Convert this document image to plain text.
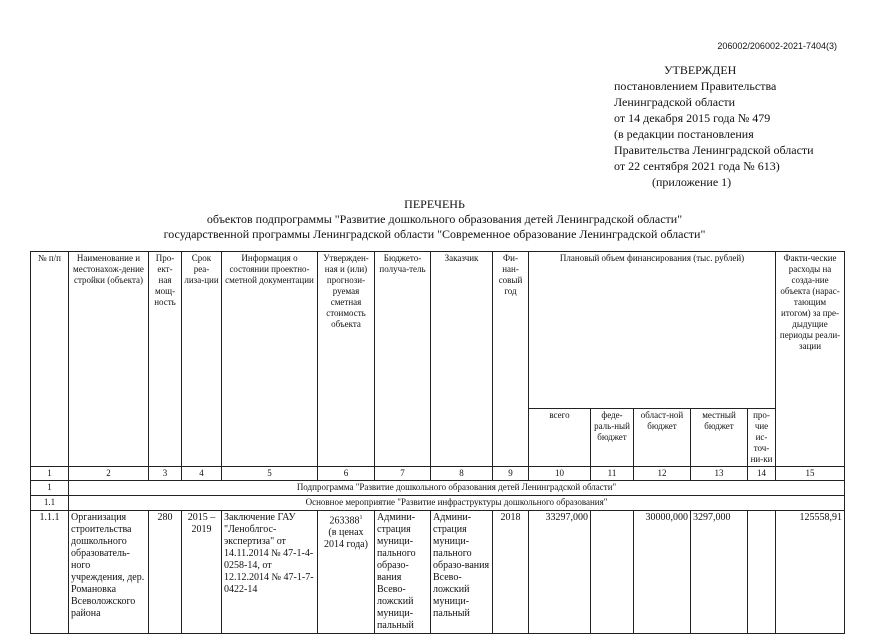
206002/206002-2021-7404(3)
УТВЕРЖДЕН
постановлением Правительства
Ленинградской области
от 14 декабря 2015 года № 479
(в редакции постановления
Правительства Ленинградской области
от 22 сентября 2021 года № 613)
(приложение 1)
ПЕРЕЧЕНЬ
объектов подпрограммы "Развитие дошкольного образования детей Ленинградской области"
государственной программы Ленинградской области "Современное образование Ленинградской области"
№ п/п	Наименование и местонахож-дение стройки (объекта)	Про-ект-ная мощ-ность	Срок реа-лиза-ции	Информация о состоянии проектно-сметной документации	Утвержден-ная и (или) прогнози-руемая сметная стоимость объекта	Бюджето-получа-тель	Заказчик	Фи-нан-совый год	Плановый объем финансирования (тыс. рублей)					Факти-ческие расходы на созда-ние объекта (нарас-тающим итогом) за пре-дыдущие периоды реали-зации
									всего	феде-раль-ный бюджет	област-ной бюджет	местный бюджет	про-чие ис-точ-ни-ки	
1	2	3	4	5	6	7	8	9	10	11	12	13	14	15
1	Подпрограмма "Развитие дошкольного образования детей Ленинградской области"													
1.1	Основное мероприятие "Развитие инфраструктуры дошкольного образования"													
1.1.1	Организация строительства дошкольного образователь-ного учреждения, дер. Романовка Всеволожского района	280	2015 – 2019	Заключение ГАУ "Леноблгос-экспертиза" от 14.11.2014 № 47-1-4-0258-14, от 12.12.2014 № 47-1-7-0422-14	263388$^1$
(в ценах 2014 года)	Админи-страция муници-пального образо-вания Всево-ложский муници-пальный	Админи-страция муници-пального образо-вания Всево-ложский муници-пальный	2018	33297,000		30000,000	3297,000		125558,91
